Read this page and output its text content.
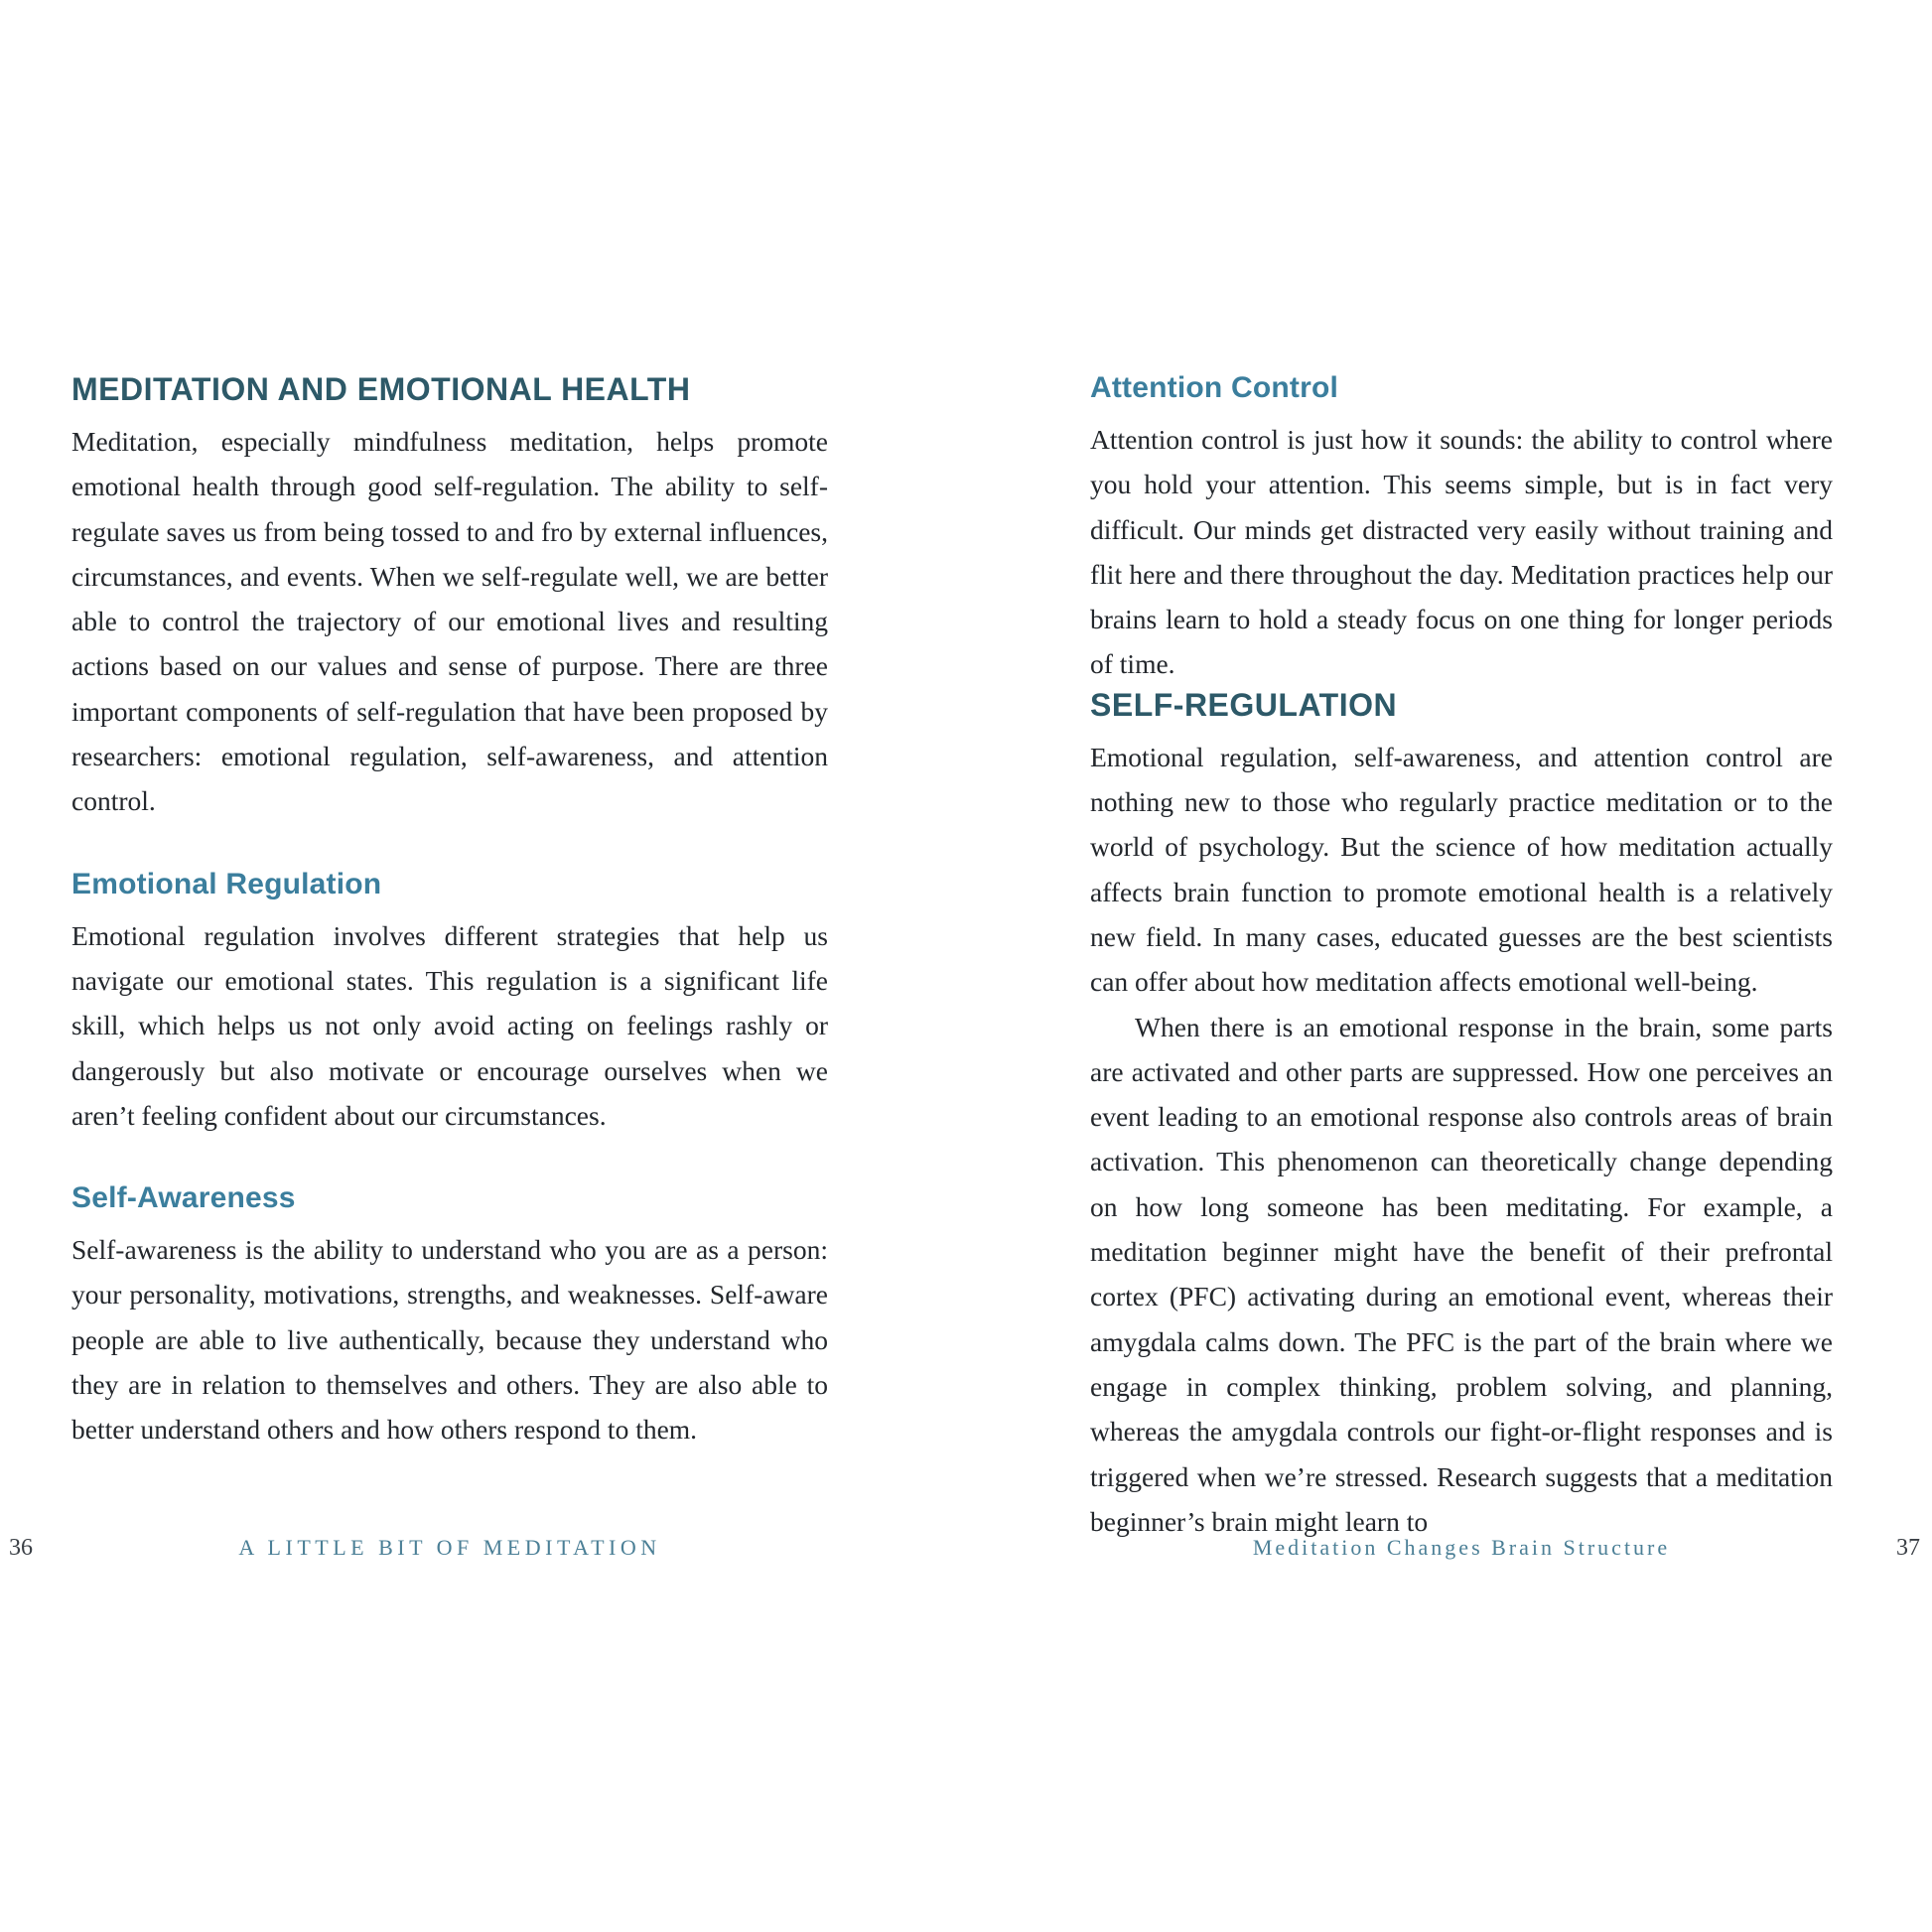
MEDITATION AND EMOTIONAL HEALTH

Meditation, especially mindfulness meditation, helps promote emotional health through good self-regulation. The ability to self-regulate saves us from being tossed to and fro by external influences, circumstances, and events. When we self-regulate well, we are better able to control the trajectory of our emotional lives and resulting actions based on our values and sense of purpose. There are three important components of self-regulation that have been proposed by researchers: emotional regulation, self-awareness, and attention control.

Emotional Regulation

Emotional regulation involves different strategies that help us navigate our emotional states. This regulation is a significant life skill, which helps us not only avoid acting on feelings rashly or dangerously but also motivate or encourage ourselves when we aren’t feeling confident about our circumstances.

Self-Awareness

Self-awareness is the ability to understand who you are as a person: your personality, motivations, strengths, and weaknesses. Self-aware people are able to live authentically, because they understand who they are in relation to themselves and others. They are also able to better understand others and how others respond to them.

Attention Control

Attention control is just how it sounds: the ability to control where you hold your attention. This seems simple, but is in fact very difficult. Our minds get distracted very easily without training and flit here and there throughout the day. Meditation practices help our brains learn to hold a steady focus on one thing for longer periods of time.

SELF-REGULATION

Emotional regulation, self-awareness, and attention control are nothing new to those who regularly practice meditation or to the world of psychology. But the science of how meditation actually affects brain function to promote emotional health is a relatively new field. In many cases, educated guesses are the best scientists can offer about how meditation affects emotional well-being.

When there is an emotional response in the brain, some parts are activated and other parts are suppressed. How one perceives an event leading to an emotional response also controls areas of brain activation. This phenomenon can theoretically change depending on how long someone has been meditating. For example, a meditation beginner might have the benefit of their prefrontal cortex (PFC) activating during an emotional event, whereas their amygdala calms down. The PFC is the part of the brain where we engage in complex thinking, problem solving, and planning, whereas the amygdala controls our fight-or-flight responses and is triggered when we’re stressed. Research suggests that a meditation beginner’s brain might learn to

36	A LITTLE BIT OF MEDITATION	Meditation Changes Brain Structure	37
